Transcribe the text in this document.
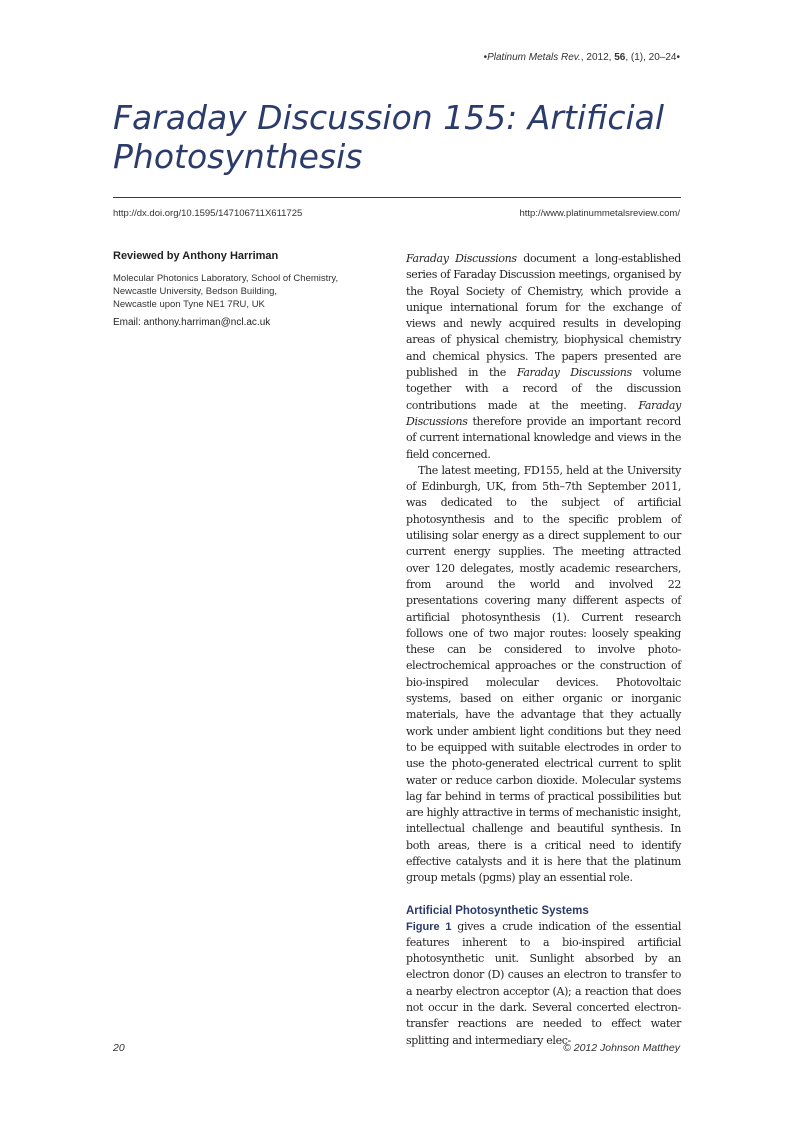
•Platinum Metals Rev., 2012, 56, (1), 20–24•
Faraday Discussion 155: Artificial
Photosynthesis
http://dx.doi.org/10.1595/147106711X611725	http://www.platinummetalsreview.com/
Reviewed by Anthony Harriman
Molecular Photonics Laboratory, School of Chemistry,
Newcastle University, Bedson Building,
Newcastle upon Tyne NE1 7RU, UK
Email: anthony.harriman@ncl.ac.uk

Faraday Discussions document a long-established series of Faraday Discussion meetings, organised by the Royal Society of Chemistry, which provide a unique international forum for the exchange of views and newly acquired results in developing areas of physical chemistry, biophysical chemistry and chemical physics. The papers presented are published in the Faraday Discussions volume together with a record of the discussion contributions made at the meeting. Faraday Discussions therefore provide an important record of current international knowledge and views in the field concerned.

The latest meeting, FD155, held at the University of Edinburgh, UK, from 5th–7th September 2011, was dedicated to the subject of artificial photosynthesis and to the specific problem of utilising solar energy as a direct supplement to our current energy supplies. The meeting attracted over 120 delegates, mostly academic researchers, from around the world and involved 22 presentations covering many different aspects of artificial photosynthesis (1). Current research follows one of two major routes: loosely speaking these can be considered to involve photo-electrochemical approaches or the construction of bio-inspired molecular devices. Photovoltaic systems, based on either organic or inorganic materials, have the advantage that they actually work under ambient light conditions but they need to be equipped with suitable electrodes in order to use the photo-generated electrical current to split water or reduce carbon dioxide. Molecular systems lag far behind in terms of practical possibilities but are highly attractive in terms of mechanistic insight, intellectual challenge and beautiful synthesis. In both areas, there is a critical need to identify effective catalysts and it is here that the platinum group metals (pgms) play an essential role.

Artificial Photosynthetic Systems

Figure 1 gives a crude indication of the essential features inherent to a bio-inspired artificial photosynthetic unit. Sunlight absorbed by an electron donor (D) causes an electron to transfer to a nearby electron acceptor (A); a reaction that does not occur in the dark. Several concerted electron-transfer reactions are needed to effect water splitting and intermediary elec-

20	© 2012 Johnson Matthey
